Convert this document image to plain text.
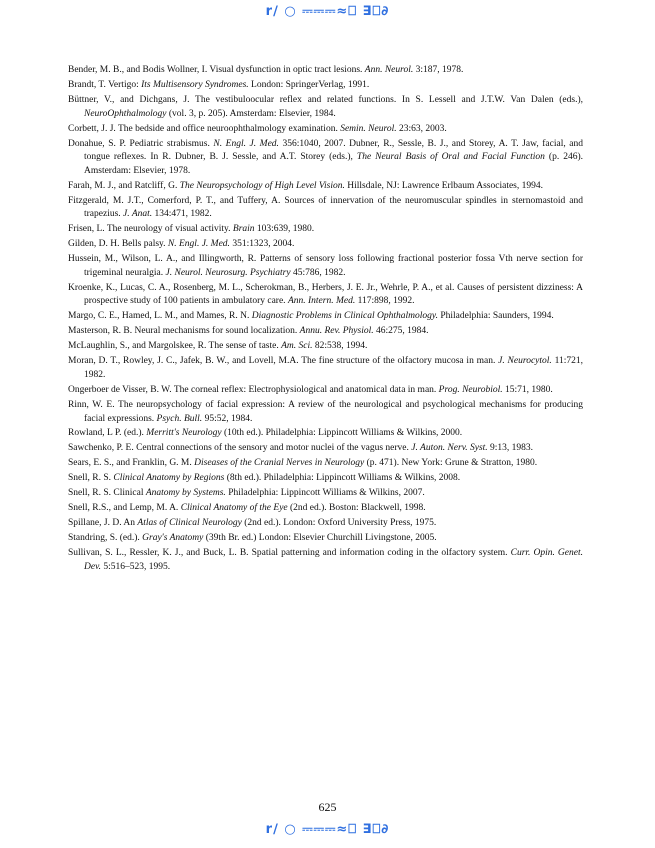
r∕ ○ ⎓⎓⎓≈⎕ ∃⎕∂

Bender, M. B., and Bodis Wollner, I. Visual dysfunction in optic tract lesions. Ann. Neurol. 3:187, 1978.

Brandt, T. Vertigo: Its Multisensory Syndromes. London: SpringerVerlag, 1991.

Büttner, V., and Dichgans, J. The vestibuloocular reflex and related functions. In S. Lessell and J.T.W. Van Dalen (eds.), NeuroOphthalmology (vol. 3, p. 205). Amsterdam: Elsevier, 1984.

Corbett, J. J. The bedside and office neuroophthalmology examination. Semin. Neurol. 23:63, 2003.

Donahue, S. P. Pediatric strabismus. N. Engl. J. Med. 356:1040, 2007. Dubner, R., Sessle, B. J., and Storey, A. T. Jaw, facial, and tongue reflexes. In R. Dubner, B. J. Sessle, and A.T. Storey (eds.), The Neural Basis of Oral and Facial Function (p. 246). Amsterdam: Elsevier, 1978.

Farah, M. J., and Ratcliff, G. The Neuropsychology of High Level Vision. Hillsdale, NJ: Lawrence Erlbaum Associates, 1994.

Fitzgerald, M. J.T., Comerford, P. T., and Tuffery, A. Sources of innervation of the neuromuscular spindles in sternomastoid and trapezius. J. Anat. 134:471, 1982.

Frisen, L. The neurology of visual activity. Brain 103:639, 1980.

Gilden, D. H. Bells palsy. N. Engl. J. Med. 351:1323, 2004.

Hussein, M., Wilson, L. A., and Illingworth, R. Patterns of sensory loss following fractional posterior fossa Vth nerve section for trigeminal neuralgia. J. Neurol. Neurosurg. Psychiatry 45:786, 1982.

Kroenke, K., Lucas, C. A., Rosenberg, M. L., Scherokman, B., Herbers, J. E. Jr., Wehrle, P. A., et al. Causes of persistent dizziness: A prospective study of 100 patients in ambulatory care. Ann. Intern. Med. 117:898, 1992.

Margo, C. E., Hamed, L. M., and Mames, R. N. Diagnostic Problems in Clinical Ophthalmology. Philadelphia: Saunders, 1994.

Masterson, R. B. Neural mechanisms for sound localization. Annu. Rev. Physiol. 46:275, 1984.

McLaughlin, S., and Margolskee, R. The sense of taste. Am. Sci. 82:538, 1994.

Moran, D. T., Rowley, J. C., Jafek, B. W., and Lovell, M.A. The fine structure of the olfactory mucosa in man. J. Neurocytol. 11:721, 1982.

Ongerboer de Visser, B. W. The corneal reflex: Electrophysiological and anatomical data in man. Prog. Neurobiol. 15:71, 1980.

Rinn, W. E. The neuropsychology of facial expression: A review of the neurological and psychological mechanisms for producing facial expressions. Psych. Bull. 95:52, 1984.

Rowland, L P. (ed.). Merritt's Neurology (10th ed.). Philadelphia: Lippincott Williams & Wilkins, 2000.

Sawchenko, P. E. Central connections of the sensory and motor nuclei of the vagus nerve. J. Auton. Nerv. Syst. 9:13, 1983.

Sears, E. S., and Franklin, G. M. Diseases of the Cranial Nerves in Neurology (p. 471). New York: Grune & Stratton, 1980.

Snell, R. S. Clinical Anatomy by Regions (8th ed.). Philadelphia: Lippincott Williams & Wilkins, 2008.

Snell, R. S. Clinical Anatomy by Systems. Philadelphia: Lippincott Williams & Wilkins, 2007.

Snell, R.S., and Lemp, M. A. Clinical Anatomy of the Eye (2nd ed.). Boston: Blackwell, 1998.

Spillane, J. D. An Atlas of Clinical Neurology (2nd ed.). London: Oxford University Press, 1975.

Standring, S. (ed.). Gray's Anatomy (39th Br. ed.) London: Elsevier Churchill Livingstone, 2005.

Sullivan, S. L., Ressler, K. J., and Buck, L. B. Spatial patterning and information coding in the olfactory system. Curr. Opin. Genet. Dev. 5:516–523, 1995.

625
r∕ ○ ⎓⎓⎓≈⎕ ∃⎕∂
